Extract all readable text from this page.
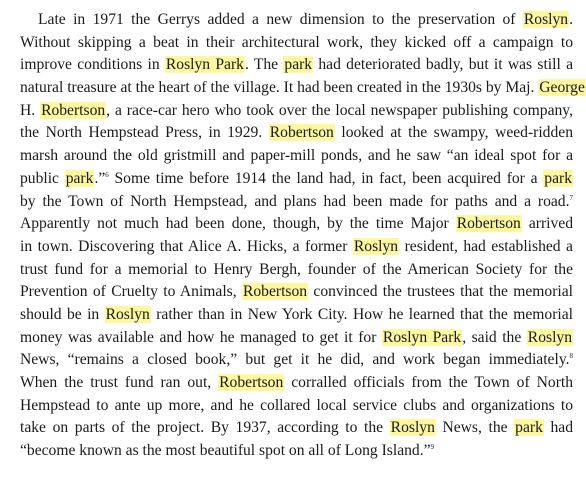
Late in 1971 the Gerrys added a new dimension to the preservation of Roslyn.
Without skipping a beat in their architectural work, they kicked off a campaign to
improve conditions in Roslyn Park. The park had deteriorated badly, but it was still a
natural treasure at the heart of the village. It had been created in the 1930s by Maj. George
H. Robertson, a race-car hero who took over the local newspaper publishing company,
the North Hempstead Press, in 1929. Robertson looked at the swampy, weed-ridden
marsh around the old gristmill and paper-mill ponds, and he saw “an ideal spot for a
public park.”$^6$ Some time before 1914 the land had, in fact, been acquired for a park
by the Town of North Hempstead, and plans had been made for paths and a road.$^7$
Apparently not much had been done, though, by the time Major Robertson arrived
in town. Discovering that Alice A. Hicks, a former Roslyn resident, had established a
trust fund for a memorial to Henry Bergh, founder of the American Society for the
Prevention of Cruelty to Animals, Robertson convinced the trustees that the memorial
should be in Roslyn rather than in New York City. How he learned that the memorial
money was available and how he managed to get it for Roslyn Park, said the Roslyn
News, “remains a closed book,” but get it he did, and work began immediately.$^8$
When the trust fund ran out, Robertson corralled officials from the Town of North
Hempstead to ante up more, and he collared local service clubs and organizations to
take on parts of the project. By 1937, according to the Roslyn News, the park had
“become known as the most beautiful spot on all of Long Island.”$^9$
